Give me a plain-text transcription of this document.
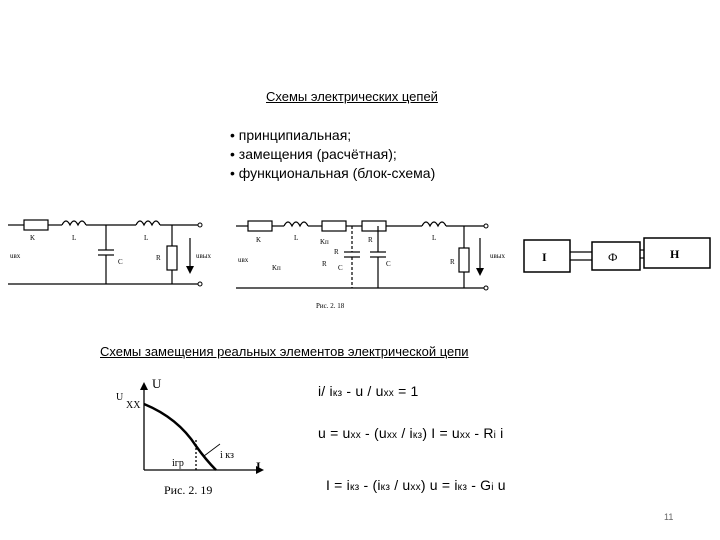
Схемы электрических цепей
• принципиальная;
• замещения (расчётная);
• функциональная (блок-схема)
K	L	L
C	R
uвх	uвых
K	L	Kп
R
R	L
Kп	R C	C	R
uвх	uвых
Рис. 2. 18
I	Ф	Н
Схемы замещения реальных элементов электрической цепи
U
I
U
XX
iгр
i кз
Рис. 2. 19
i/ iкз - u / uxx = 1
u = uxx - (uxx / iкз) I = uxx - Ri i
I = iкз - (iкз / uxx) u = iкз - Gi u
11
